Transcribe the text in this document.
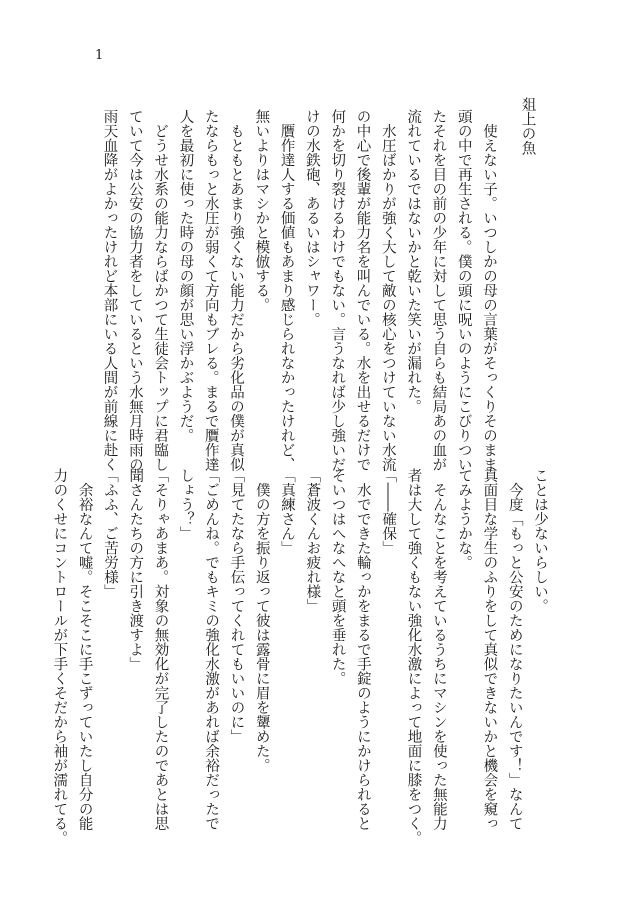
1
爼上の魚
　使えない子。いつしかの母の言葉がそっくりそのまま
頭の中で再生される。僕の頭に呪いのようにこびりつい
たそれを目の前の少年に対して思う自らも結局あの血が
流れているではないかと乾いた笑いが漏れた。
　水圧ばかりが強く大して敵の核心をつけていない水流
の中心で後輩が能力名を叫んでいる。水を出せるだけで
何かを切り裂けるわけでもない。言うなれば少し強いだ
けの水鉄砲、あるいはシャワー。
　贋作達人する価値もあまり感じられなかったけれど、
無いよりはマシかと模倣する。
　もともとあまり強くない能力だから劣化品の僕が真似
たならもっと水圧が弱くて方向もブレる。まるで贋作達
人を最初に使った時の母の顔が思い浮かぶようだ。
　どうせ水系の能力ならばかつて生徒会トップに君臨し
ていて今は公安の協力者をしているという水無月時雨の
雨天血降がよかったけれど本部にいる人間が前線に赴く
ことは少ないらしい。
　今度「もっと公安のためになりたいんです！」なんて
真面目な学生のふりをして真似できないかと機会を窺っ
てみようかな。
　そんなことを考えているうちにマシンを使った無能力
者は大して強くもない強化水激によって地面に膝をつく。
「――確保」
　水でできた輪っかをまるで手錠のようにかけられると
そいつはへなへなと頭を垂れた。
「蒼波くんお疲れ様」
「真練さん」
　僕の方を振り返って彼は露骨に眉を顰めた。
「見てたなら手伝ってくれてもいいのに」
「ごめんね。でもキミの強化水激があれば余裕だったで
しょう？」
「そりゃあまあ。対象の無効化が完了したのであとは思
聞さんたちの方に引き渡すよ」
「ふふ、ご苦労様」
　余裕なんて嘘。そこそこに手こずっていたし自分の能
力のくせにコントロールが下手くそだから袖が濡れてる。
